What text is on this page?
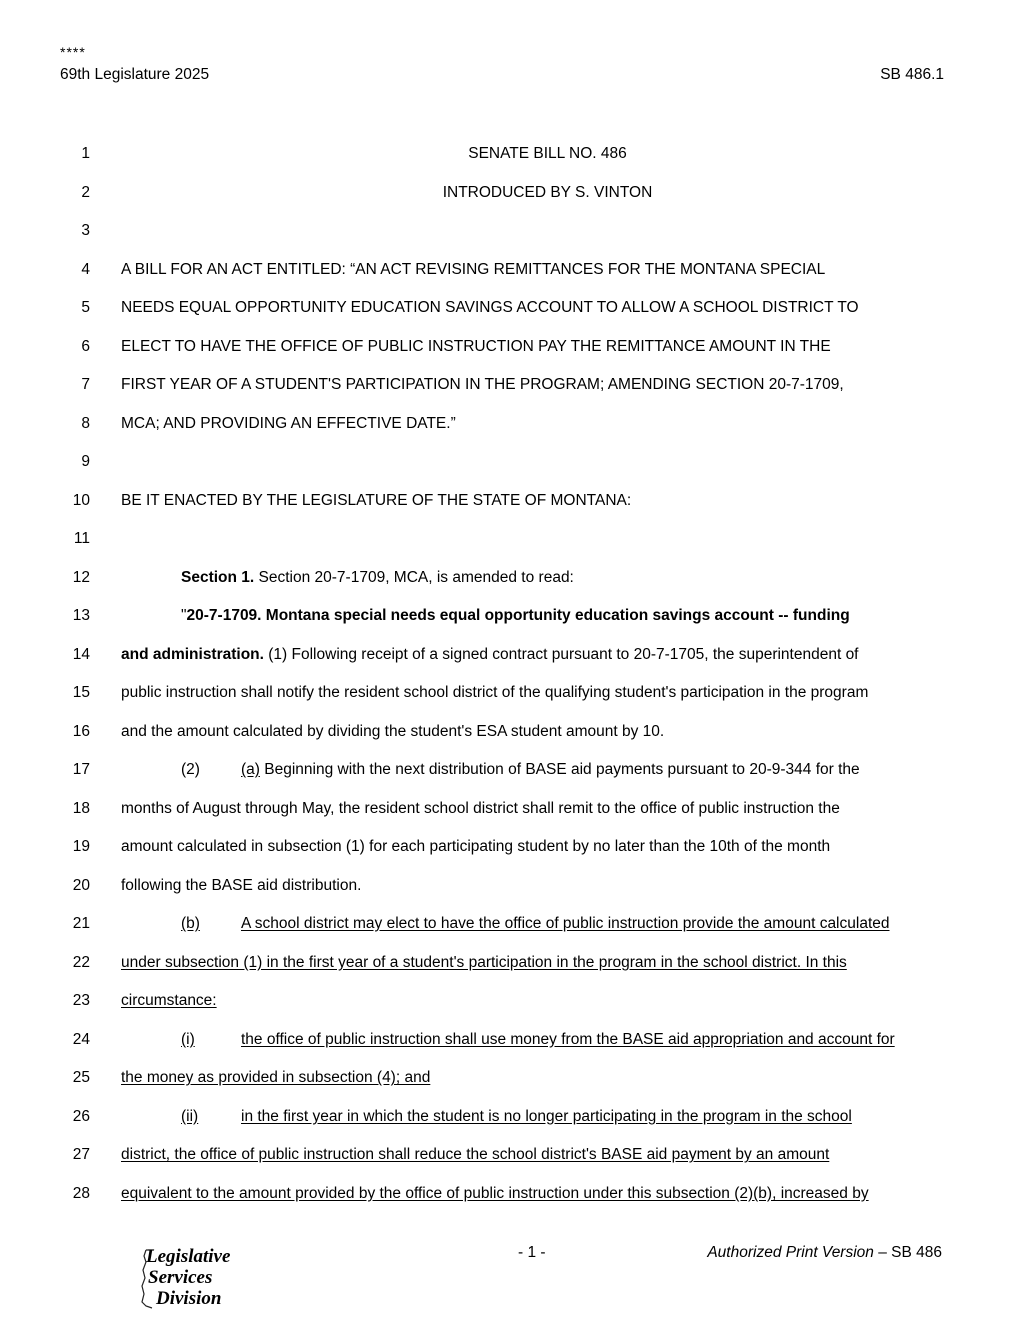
****
69th Legislature 2025	SB 486.1
1	SENATE BILL NO. 486
2	INTRODUCED BY S. VINTON
3
4 A BILL FOR AN ACT ENTITLED: “AN ACT REVISING REMITTANCES FOR THE MONTANA SPECIAL
5 NEEDS EQUAL OPPORTUNITY EDUCATION SAVINGS ACCOUNT TO ALLOW A SCHOOL DISTRICT TO
6 ELECT TO HAVE THE OFFICE OF PUBLIC INSTRUCTION PAY THE REMITTANCE AMOUNT IN THE
7 FIRST YEAR OF A STUDENT'S PARTICIPATION IN THE PROGRAM; AMENDING SECTION 20-7-1709,
8 MCA; AND PROVIDING AN EFFECTIVE DATE.”
9
10 BE IT ENACTED BY THE LEGISLATURE OF THE STATE OF MONTANA:
11
12	Section 1. Section 20-7-1709, MCA, is amended to read:
13	"20-7-1709. Montana special needs equal opportunity education savings account -- funding
14 and administration. (1) Following receipt of a signed contract pursuant to 20-7-1705, the superintendent of
15 public instruction shall notify the resident school district of the qualifying student's participation in the program
16 and the amount calculated by dividing the student's ESA student amount by 10.
17	(2)	(a) Beginning with the next distribution of BASE aid payments pursuant to 20-9-344 for the
18 months of August through May, the resident school district shall remit to the office of public instruction the
19 amount calculated in subsection (1) for each participating student by no later than the 10th of the month
20 following the BASE aid distribution.
21	(b)	A school district may elect to have the office of public instruction provide the amount calculated
22 under subsection (1) in the first year of a student's participation in the program in the school district. In this
23 circumstance:
24	(i)	the office of public instruction shall use money from the BASE aid appropriation and account for
25 the money as provided in subsection (4); and
26	(ii)	in the first year in which the student is no longer participating in the program in the school
27 district, the office of public instruction shall reduce the school district's BASE aid payment by an amount
28 equivalent to the amount provided by the office of public instruction under this subsection (2)(b), increased by
Legislative
Services
Division
- 1 -	Authorized Print Version – SB 486
